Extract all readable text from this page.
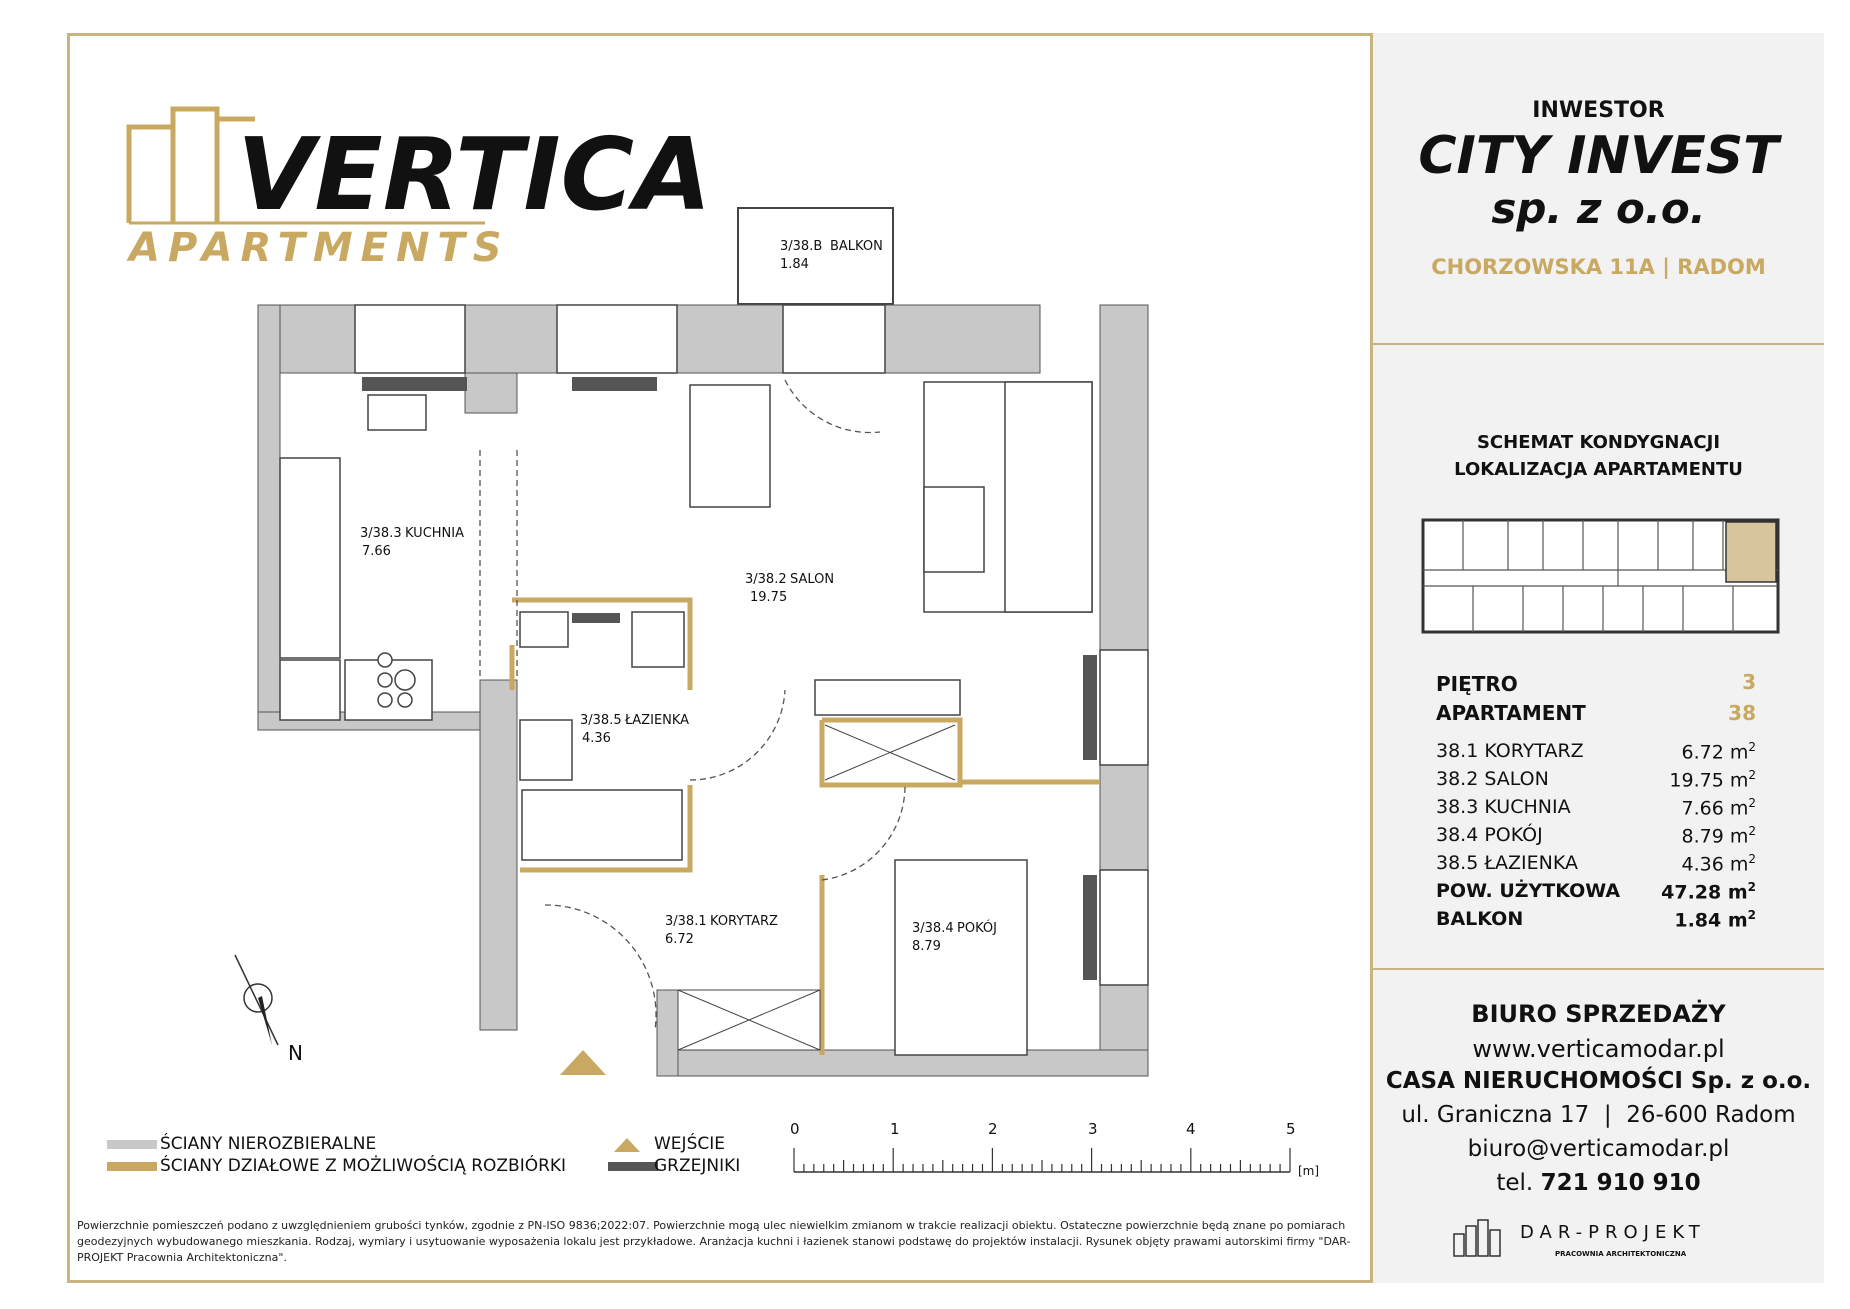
VERTICA
APARTMENTS
INWESTOR
CITY INVEST
sp. z o.o.
CHORZOWSKA 11A | RADOM
SCHEMAT KONDYGNACJI
LOKALIZACJA APARTAMENTU
PIĘTRO	3
APARTAMENT	38
38.1 KORYTARZ	6.72 $m^2$
38.2 SALON	19.75 $m^2$
38.3 KUCHNIA	7.66 $m^2$
38.4 POKÓJ	8.79 $m^2$
38.5 ŁAZIENKA	4.36 $m^2$
POW. UŻYTKOWA 47.28 $m^2$
BALKON	1.84 $m^2$
BIURO SPRZEDAŻY
www.verticamodar.pl
CASA NIERUCHOMOŚCI Sp. z o.o.
ul. Graniczna 17  |  26-600 Radom
biuro@verticamodar.pl
tel. 721 910 910
DAR-PROJEKT
PRACOWNIA ARCHITEKTONICZNA
3/38.B BALKON
1.84
3/38.3 KUCHNIA
7.66
3/38.2 SALON
19.75
3/38.5 ŁAZIENKA
4.36
3/38.1 KORYTARZ
6.72
3/38.4 POKÓJ
8.79
N
ŚCIANY NIEROZBIERALNE
ŚCIANY DZIAŁOWE Z MOŻLIWOŚCIĄ ROZBIÓRKI
WEJŚCIE
GRZEJNIKI
0	1	2	3	4	5
[m]
Powierzchnie pomieszczeń podano z uwzględnieniem grubości tynków, zgodnie z PN-ISO 9836;2022:07. Powierzchnie mogą ulec niewielkim zmianom w trakcie realizacji obiektu. Ostateczne powierzchnie będą znane po pomiarach geodezyjnych wybudowanego mieszkania. Rodzaj, wymiary i usytuowanie wyposażenia lokalu jest przykładowe. Aranżacja kuchni i łazienek stanowi podstawę do projektów instalacji. Rysunek objęty prawami autorskimi firmy "DAR-PROJEKT Pracownia Architektoniczna".
